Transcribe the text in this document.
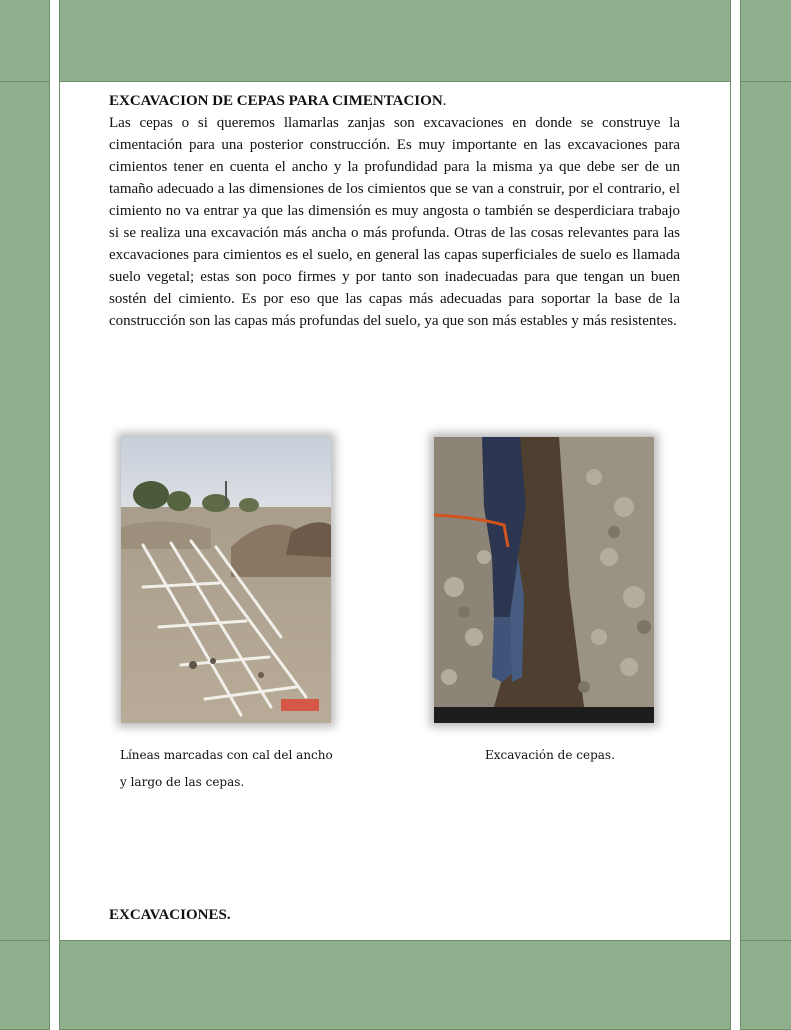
EXCAVACION DE CEPAS PARA CIMENTACION.

Las cepas o si queremos llamarlas zanjas son excavaciones en donde se construye la cimentación para una posterior construcción. Es muy importante en las excavaciones para cimientos tener en cuenta el ancho y la profundidad para la misma ya que debe ser de un tamaño adecuado a las dimensiones de los cimientos que se van a construir, por el contrario, el cimiento no va entrar ya que las dimensión es muy angosta o también se desperdiciara trabajo si se realiza una excavación más ancha o más profunda. Otras de las cosas relevantes para las excavaciones para cimientos es el suelo, en general las capas superficiales de suelo es llamada suelo vegetal; estas son poco firmes y por tanto son inadecuadas para que tengan un buen sostén del cimiento. Es por eso que las capas más adecuadas para soportar la base de la construcción son las capas más profundas del suelo, ya que son más estables y más resistentes.

Líneas marcadas con cal del ancho
y largo de las cepas.
Excavación de cepas.
EXCAVACIONES.
